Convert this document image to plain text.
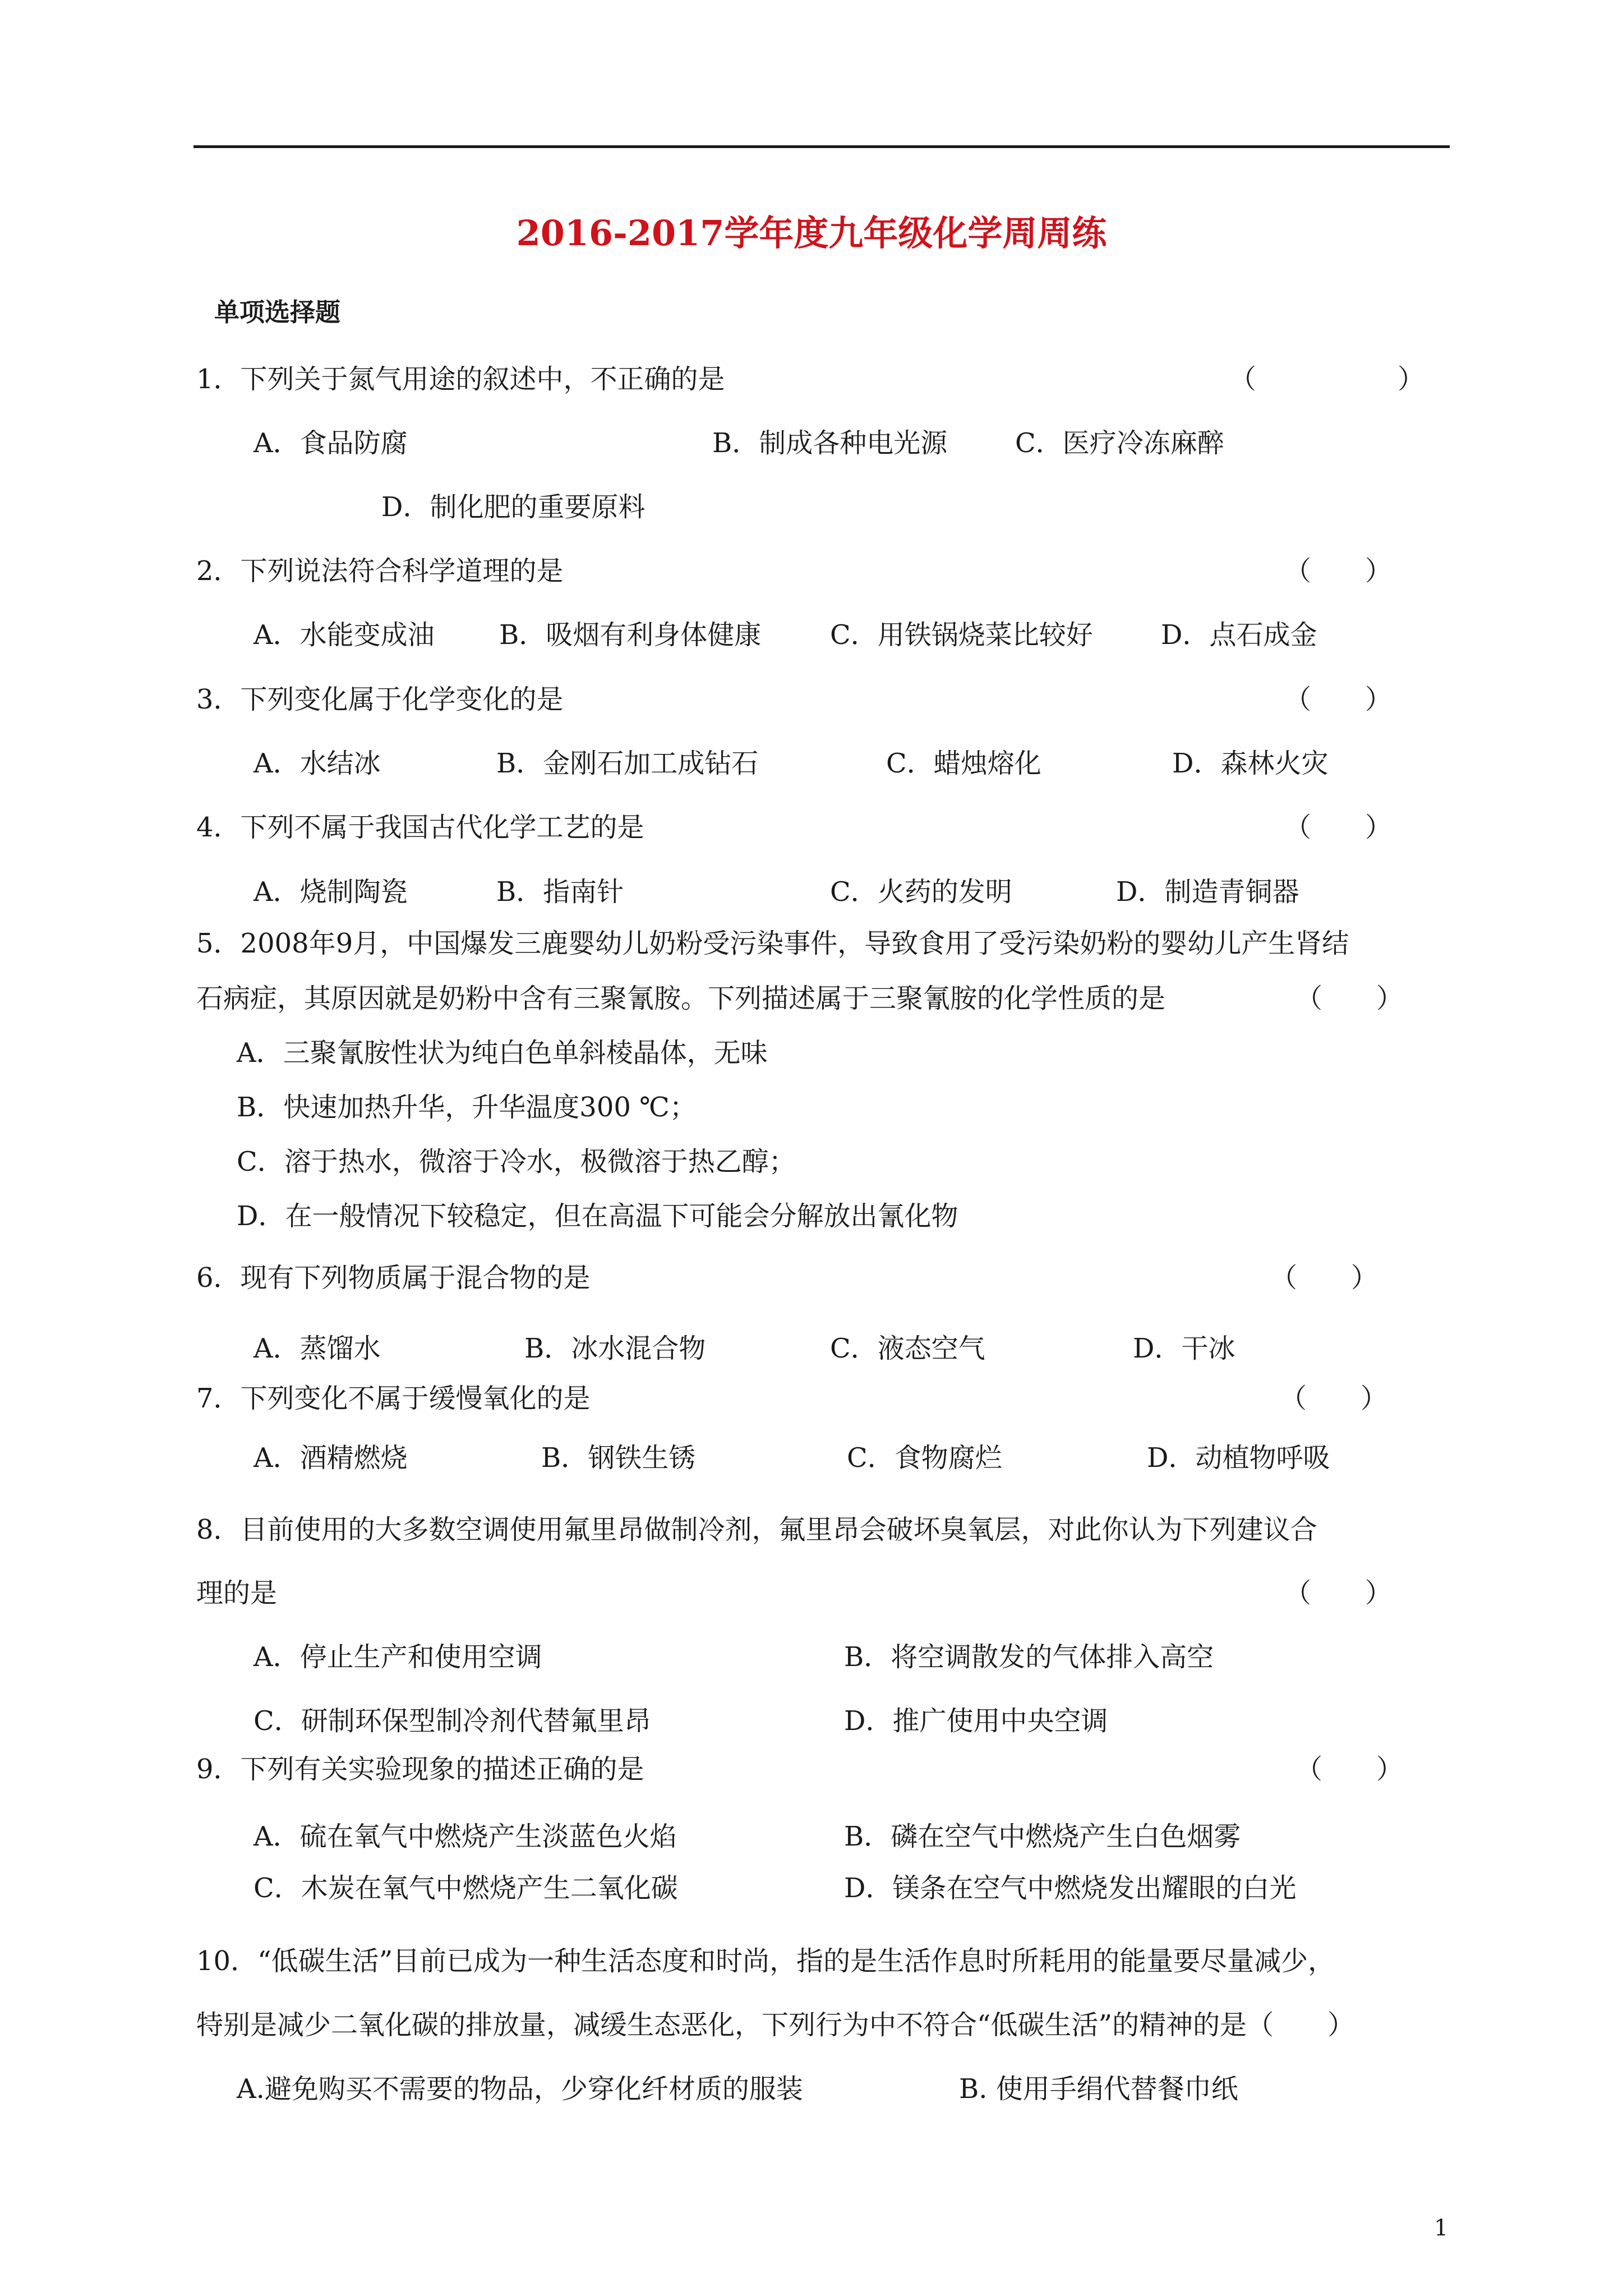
2016-2017学年度九年级化学周周练
单项选择题
1．下列关于氮气用途的叙述中，不正确的是	（	）
A．食品防腐	B．制成各种电光源	C．医疗冷冻麻醉
D．制化肥的重要原料
2．下列说法符合科学道理的是	（　　）
A．水能变成油 B．吸烟有利身体健康	C．用铁锅烧菜比较好	D．点石成金
3．下列变化属于化学变化的是	（　　）
A．水结冰	B．金刚石加工成钻石	C．蜡烛熔化	D．森林火灾
4．下列不属于我国古代化学工艺的是	（　　）
A．烧制陶瓷	B．指南针	C．火药的发明	D．制造青铜器
5．2008年9月，中国爆发三鹿婴幼儿奶粉受污染事件，导致食用了受污染奶粉的婴幼儿产生肾结
石病症，其原因就是奶粉中含有三聚氰胺。下列描述属于三聚氰胺的化学性质的是	（　　）
A．三聚氰胺性状为纯白色单斜棱晶体，无味
B．快速加热升华，升华温度300 ℃；
C．溶于热水，微溶于冷水，极微溶于热乙醇；
D．在一般情况下较稳定，但在高温下可能会分解放出氰化物
6．现有下列物质属于混合物的是	（　　）
A．蒸馏水	B．冰水混合物	C．液态空气	D．干冰
7．下列变化不属于缓慢氧化的是	（　　）
A．酒精燃烧	B．钢铁生锈	C．食物腐烂	D．动植物呼吸
8．目前使用的大多数空调使用氟里昂做制冷剂，氟里昂会破坏臭氧层，对此你认为下列建议合
理的是	（　　）
A．停止生产和使用空调	B．将空调散发的气体排入高空
C．研制环保型制冷剂代替氟里昂	D．推广使用中央空调
9．下列有关实验现象的描述正确的是	（　　）
A．硫在氧气中燃烧产生淡蓝色火焰	B．磷在空气中燃烧产生白色烟雾
C．木炭在氧气中燃烧产生二氧化碳	D．镁条在空气中燃烧发出耀眼的白光
10．“低碳生活”目前已成为一种生活态度和时尚，指的是生活作息时所耗用的能量要尽量减少，
特别是减少二氧化碳的排放量，减缓生态恶化，下列行为中不符合“低碳生活”的精神的是（　　）
A.避免购买不需要的物品，少穿化纤材质的服装	B. 使用手绢代替餐巾纸
1
